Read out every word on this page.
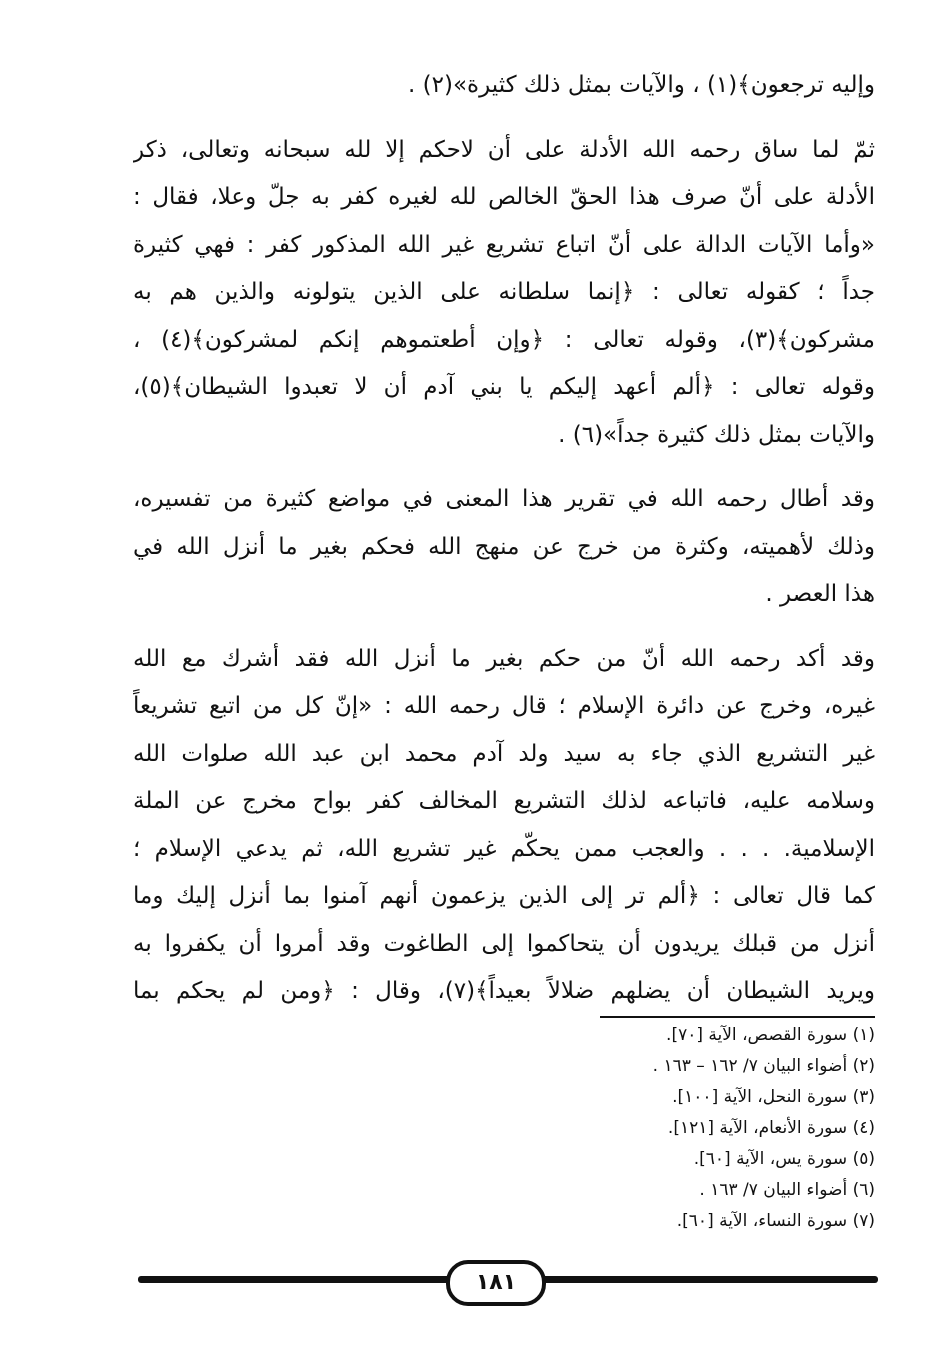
وإليه ترجعون﴾(١) ، والآيات بمثل ذلك كثيرة»(٢) .
ثمّ لما ساق رحمه الله الأدلة على أن لاحكم إلا لله سبحانه وتعالى، ذكر
الأدلة على أنّ صرف هذا الحقّ الخالص لله لغيره كفر به جلّ وعلا، فقال :
«وأما الآيات الدالة على أنّ اتباع تشريع غير الله المذكور كفر : فهي كثيرة
جداً ؛ كقوله تعالى : ﴿إنما سلطانه على الذين يتولونه والذين هم به
مشركون﴾(٣)، وقوله تعالى : ﴿وإن أطعتموهم إنكم لمشركون﴾(٤) ،
وقوله تعالى : ﴿ألم أعهد إليكم يا بني آدم أن لا تعبدوا الشيطان﴾(٥)،
والآيات بمثل ذلك كثيرة جداً»(٦) .
وقد أطال رحمه الله في تقرير هذا المعنى في مواضع كثيرة من تفسيره،
وذلك لأهميته، وكثرة من خرج عن منهج الله فحكم بغير ما أنزل الله في
هذا العصر .
وقد أكد رحمه الله أنّ من حكم بغير ما أنزل الله فقد أشرك مع الله
غيره، وخرج عن دائرة الإسلام ؛ قال رحمه الله : «إنّ كل من اتبع تشريعاً
غير التشريع الذي جاء به سيد ولد آدم محمد ابن عبد الله صلوات الله
وسلامه عليه، فاتباعه لذلك التشريع المخالف كفر بواح مخرج عن الملة
الإسلامية. . . . والعجب ممن يحكّم غير تشريع الله، ثم يدعي الإسلام ؛
كما قال تعالى : ﴿ألم تر إلى الذين يزعمون أنهم آمنوا بما أنزل إليك وما
أنزل من قبلك يريدون أن يتحاكموا إلى الطاغوت وقد أمروا أن يكفروا به
ويريد الشيطان أن يضلهم ضلالاً بعيداً﴾(٧)، وقال : ﴿ومن لم يحكم بما
(١) سورة القصص، الآية [٧٠].
(٢) أضواء البيان ٧/ ١٦٢ – ١٦٣ .
(٣) سورة النحل، الآية [١٠٠].
(٤) سورة الأنعام، الآية [١٢١].
(٥) سورة يس، الآية [٦٠].
(٦) أضواء البيان ٧/ ١٦٣ .
(٧) سورة النساء، الآية [٦٠].
١٨١
